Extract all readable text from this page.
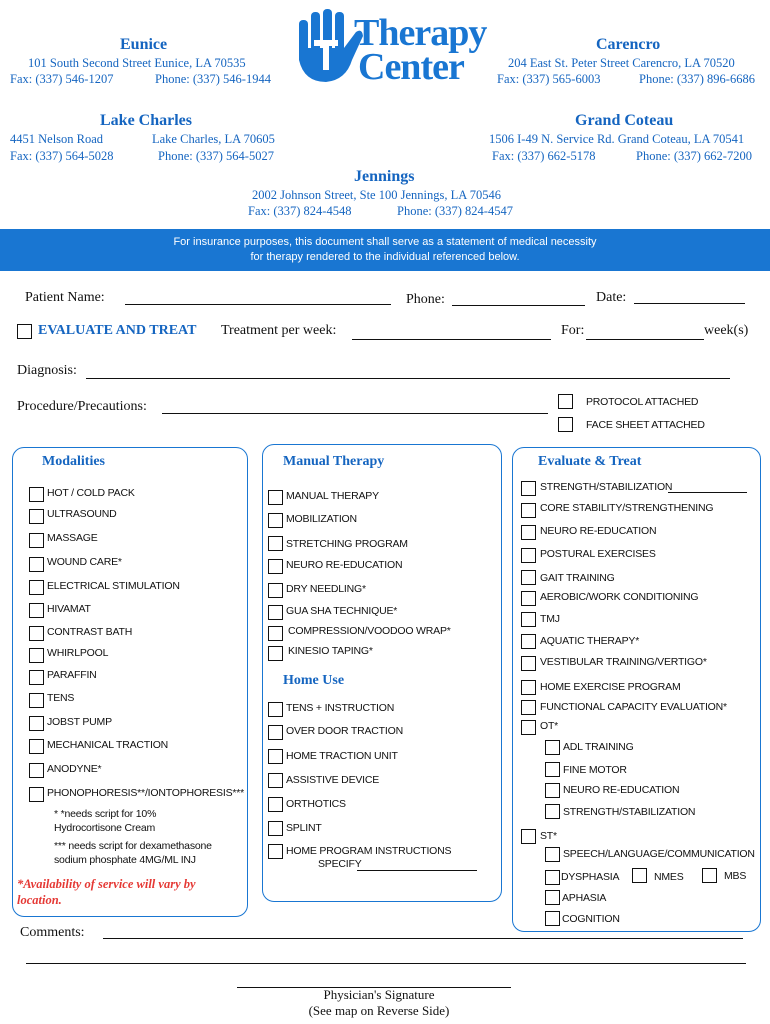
Eunice
101 South Second Street Eunice, LA 70535
Fax: (337) 546-1207	Phone: (337) 546-1944
Therapy
Center
Carencro
204 East St. Peter Street Carencro, LA 70520
Fax: (337) 565-6003	Phone: (337) 896-6686
Lake Charles
4451 Nelson Road	Lake Charles, LA 70605
Fax: (337) 564-5028	Phone: (337) 564-5027
Grand Coteau
1506 I-49 N. Service Rd. Grand Coteau, LA 70541
Fax: (337) 662-5178	Phone: (337) 662-7200
Jennings
2002 Johnson Street, Ste 100 Jennings, LA 70546
Fax: (337) 824-4548	Phone: (337) 824-4547
For insurance purposes, this document shall serve as a statement of medical necessity
for therapy rendered to the individual referenced below.
Patient Name:	Phone:	Date:
EVALUATE AND TREAT Treatment per week:	For:	week(s)
Diagnosis:
Procedure/Precautions:	PROTOCOL ATTACHED
FACE SHEET ATTACHED
Modalities
HOT / COLD PACK
ULTRASOUND
MASSAGE
WOUND CARE*
ELECTRICAL STIMULATION
HIVAMAT
CONTRAST BATH
WHIRLPOOL
PARAFFIN
TENS
JOBST PUMP
MECHANICAL TRACTION
ANODYNE*
PHONOPHORESIS**/IONTOPHORESIS***
* *needs script for 10%
Hydrocortisone Cream
*** needs script for dexamethasone
sodium phosphate 4MG/ML INJ
*Availability of service will vary by
location.
Manual Therapy
MANUAL THERAPY
MOBILIZATION
STRETCHING PROGRAM
NEURO RE-EDUCATION
DRY NEEDLING*
GUA SHA TECHNIQUE*
COMPRESSION/VOODOO WRAP*
KINESIO TAPING*
Home Use
TENS + INSTRUCTION
OVER DOOR TRACTION
HOME TRACTION UNIT
ASSISTIVE DEVICE
ORTHOTICS
SPLINT
HOME PROGRAM INSTRUCTIONS
SPECIFY
Evaluate & Treat
STRENGTH/STABILIZATION
CORE STABILITY/STRENGTHENING
NEURO RE-EDUCATION
POSTURAL EXERCISES
GAIT TRAINING
AEROBIC/WORK CONDITIONING
TMJ
AQUATIC THERAPY*
VESTIBULAR TRAINING/VERTIGO*
HOME EXERCISE PROGRAM
FUNCTIONAL CAPACITY EVALUATION*
OT*
ADL TRAINING
FINE MOTOR
NEURO RE-EDUCATION
STRENGTH/STABILIZATION
ST*
SPEECH/LANGUAGE/COMMUNICATION
DYSPHASIA	NMES	MBS
APHASIA
COGNITION
Comments:
Physician's Signature
(See map on Reverse Side)
